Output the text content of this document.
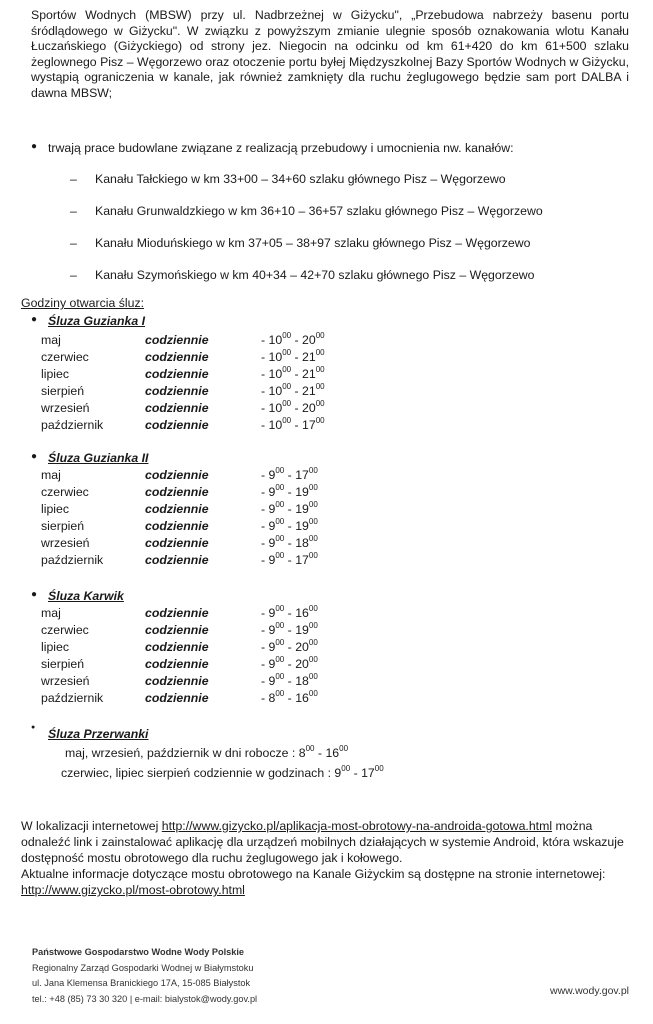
Sportów Wodnych (MBSW) przy ul. Nadbrzeżnej w Giżycku", „Przebudowa nabrzeży basenu portu śródlądowego w Giżycku". W związku z powyższym zmianie ulegnie sposób oznakowania wlotu Kanału Łuczańskiego (Giżyckiego) od strony jez. Niegocin na odcinku od km 61+420 do km 61+500 szlaku żeglownego Pisz – Węgorzewo oraz otoczenie portu byłej Międzyszkolnej Bazy Sportów Wodnych w Giżycku, wystąpią ograniczenia w kanale, jak również zamknięty dla ruchu żeglugowego będzie sam port DALBA i dawna MBSW;
● trwają prace budowlane związane z realizacją przebudowy i umocnienia nw. kanałów:
– Kanału Tałckiego w km 33+00 – 34+60 szlaku głównego Pisz – Węgorzewo
– Kanału Grunwaldzkiego w km 36+10 – 36+57 szlaku głównego Pisz – Węgorzewo
– Kanału Mioduńskiego w km 37+05 – 38+97 szlaku głównego Pisz – Węgorzewo
– Kanału Szymońskiego w km 40+34 – 42+70 szlaku głównego Pisz – Węgorzewo
Godziny otwarcia śluz:
● Śluza Guzianka I
maj	codziennie	- $10^{00} - 20^{00}$
czerwiec	codziennie	- $10^{00} - 21^{00}$
lipiec	codziennie	- $10^{00} - 21^{00}$
sierpień	codziennie	- $10^{00} - 21^{00}$
wrzesień	codziennie	- $10^{00} - 20^{00}$
październik	codziennie	- $10^{00} - 17^{00}$
● Śluza Guzianka II
maj	codziennie	- $9^{00} - 17^{00}$
czerwiec	codziennie	- $9^{00} - 19^{00}$
lipiec	codziennie	- $9^{00} - 19^{00}$
sierpień	codziennie	- $9^{00} - 19^{00}$
wrzesień	codziennie	- $9^{00} - 18^{00}$
październik	codziennie	- $9^{00} - 17^{00}$
● Śluza Karwik
maj	codziennie	- $9^{00} - 16^{00}$
czerwiec	codziennie	- $9^{00} - 19^{00}$
lipiec	codziennie	- $9^{00} - 20^{00}$
sierpień	codziennie	- $9^{00} - 20^{00}$
wrzesień	codziennie	- $9^{00} - 18^{00}$
październik	codziennie	- $8^{00} - 16^{00}$
● Śluza Przerwanki
maj, wrzesień, październik w dni robocze : $8^{00} - 16^{00}$
czerwiec, lipiec sierpień codziennie w godzinach : $9^{00} - 17^{00}$

W lokalizacji internetowej http://www.gizycko.pl/aplikacja-most-obrotowy-na-androida-gotowa.html można odnaleźć link i zainstalować aplikację dla urządzeń mobilnych działających w systemie Android, która wskazuje dostępność mostu obrotowego dla ruchu żeglugowego jak i kołowego.

Aktualne informacje dotyczące mostu obrotowego na Kanale Giżyckim są dostępne na stronie internetowej: http://www.gizycko.pl/most-obrotowy.html

Państwowe Gospodarstwo Wodne Wody Polskie
Regionalny Zarząd Gospodarki Wodnej w Białymstoku
ul. Jana Klemensa Branickiego 17A, 15-085 Białystok
tel.: +48 (85) 73 30 320 | e-mail: bialystok@wody.gov.pl
www.wody.gov.pl
